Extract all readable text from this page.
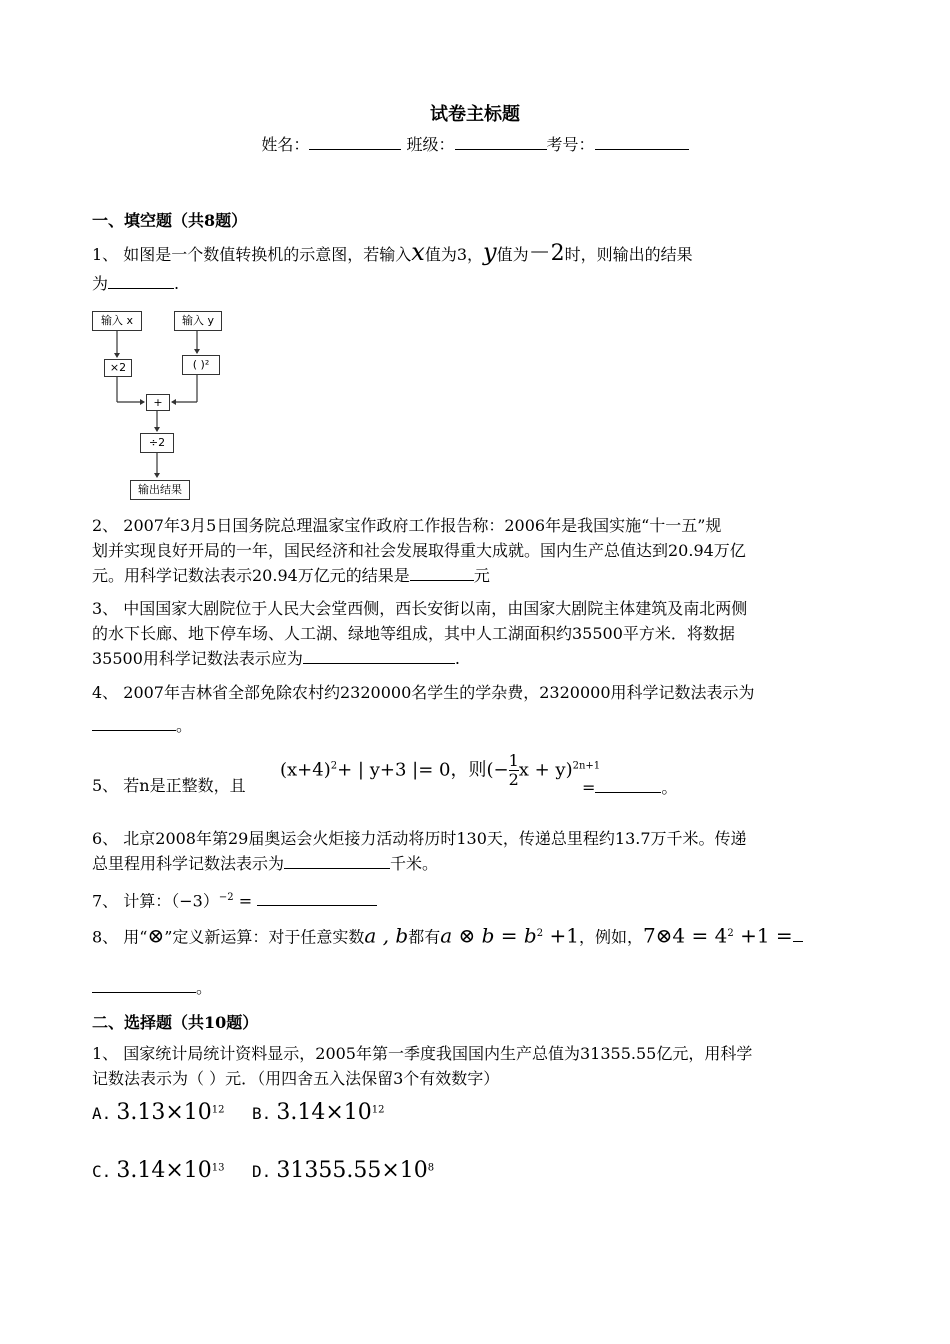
试卷主标题
姓名：	班级：	考号：
一、填空题（共8题）
1、 如图是一个数值转换机的示意图，若输入x值为3，y值为－2时，则输出的结果
为	.
输入 x	输入 y
×2	( )²
+
÷2
输出结果
2、 2007年3月5日国务院总理温家宝作政府工作报告称：2006年是我国实施“十一五”规
划并实现良好开局的一年，国民经济和社会发展取得重大成就。国内生产总值达到20.94万亿
元。用科学记数法表示20.94万亿元的结果是	元
3、 中国国家大剧院位于人民大会堂西侧，西长安街以南，由国家大剧院主体建筑及南北两侧
的水下长廊、地下停车场、人工湖、绿地等组成，其中人工湖面积约35500平方米．将数据
35500用科学记数法表示应为	.
4、 2007年吉林省全部免除农村约2320000名学生的学杂费，2320000用科学记数法表示为
。
5、 若n是正整数，且
$(x+4)^2+$ | y+3 |= 0，则(− $\frac{1}{2}$ x + y)$^{2n+1}$
=	。
6、 北京2008年第29届奥运会火炬接力活动将历时130天，传递总里程约13.7万千米。传递
总里程用科学记数法表示为	千米。
7、 计算：$(-3)^{-2}$ =
8、 用“⊗”定义新运算：对于任意实数a , b都有a ⊗ $b = b^2 +1$，例如，7⊗4 = $4^2 +1$ =
。
二、选择题（共10题）
1、 国家统计局统计资料显示，2005年第一季度我国国内生产总值为31355.55亿元，用科学
记数法表示为（ ）元．（用四舍五入法保留3个有效数字）
A. $3.13\times 10^{12}$ B. $3.14\times 10^{12}$
C. $3.14\times 10^{13}$ D. $31355.55\times 10^8$
